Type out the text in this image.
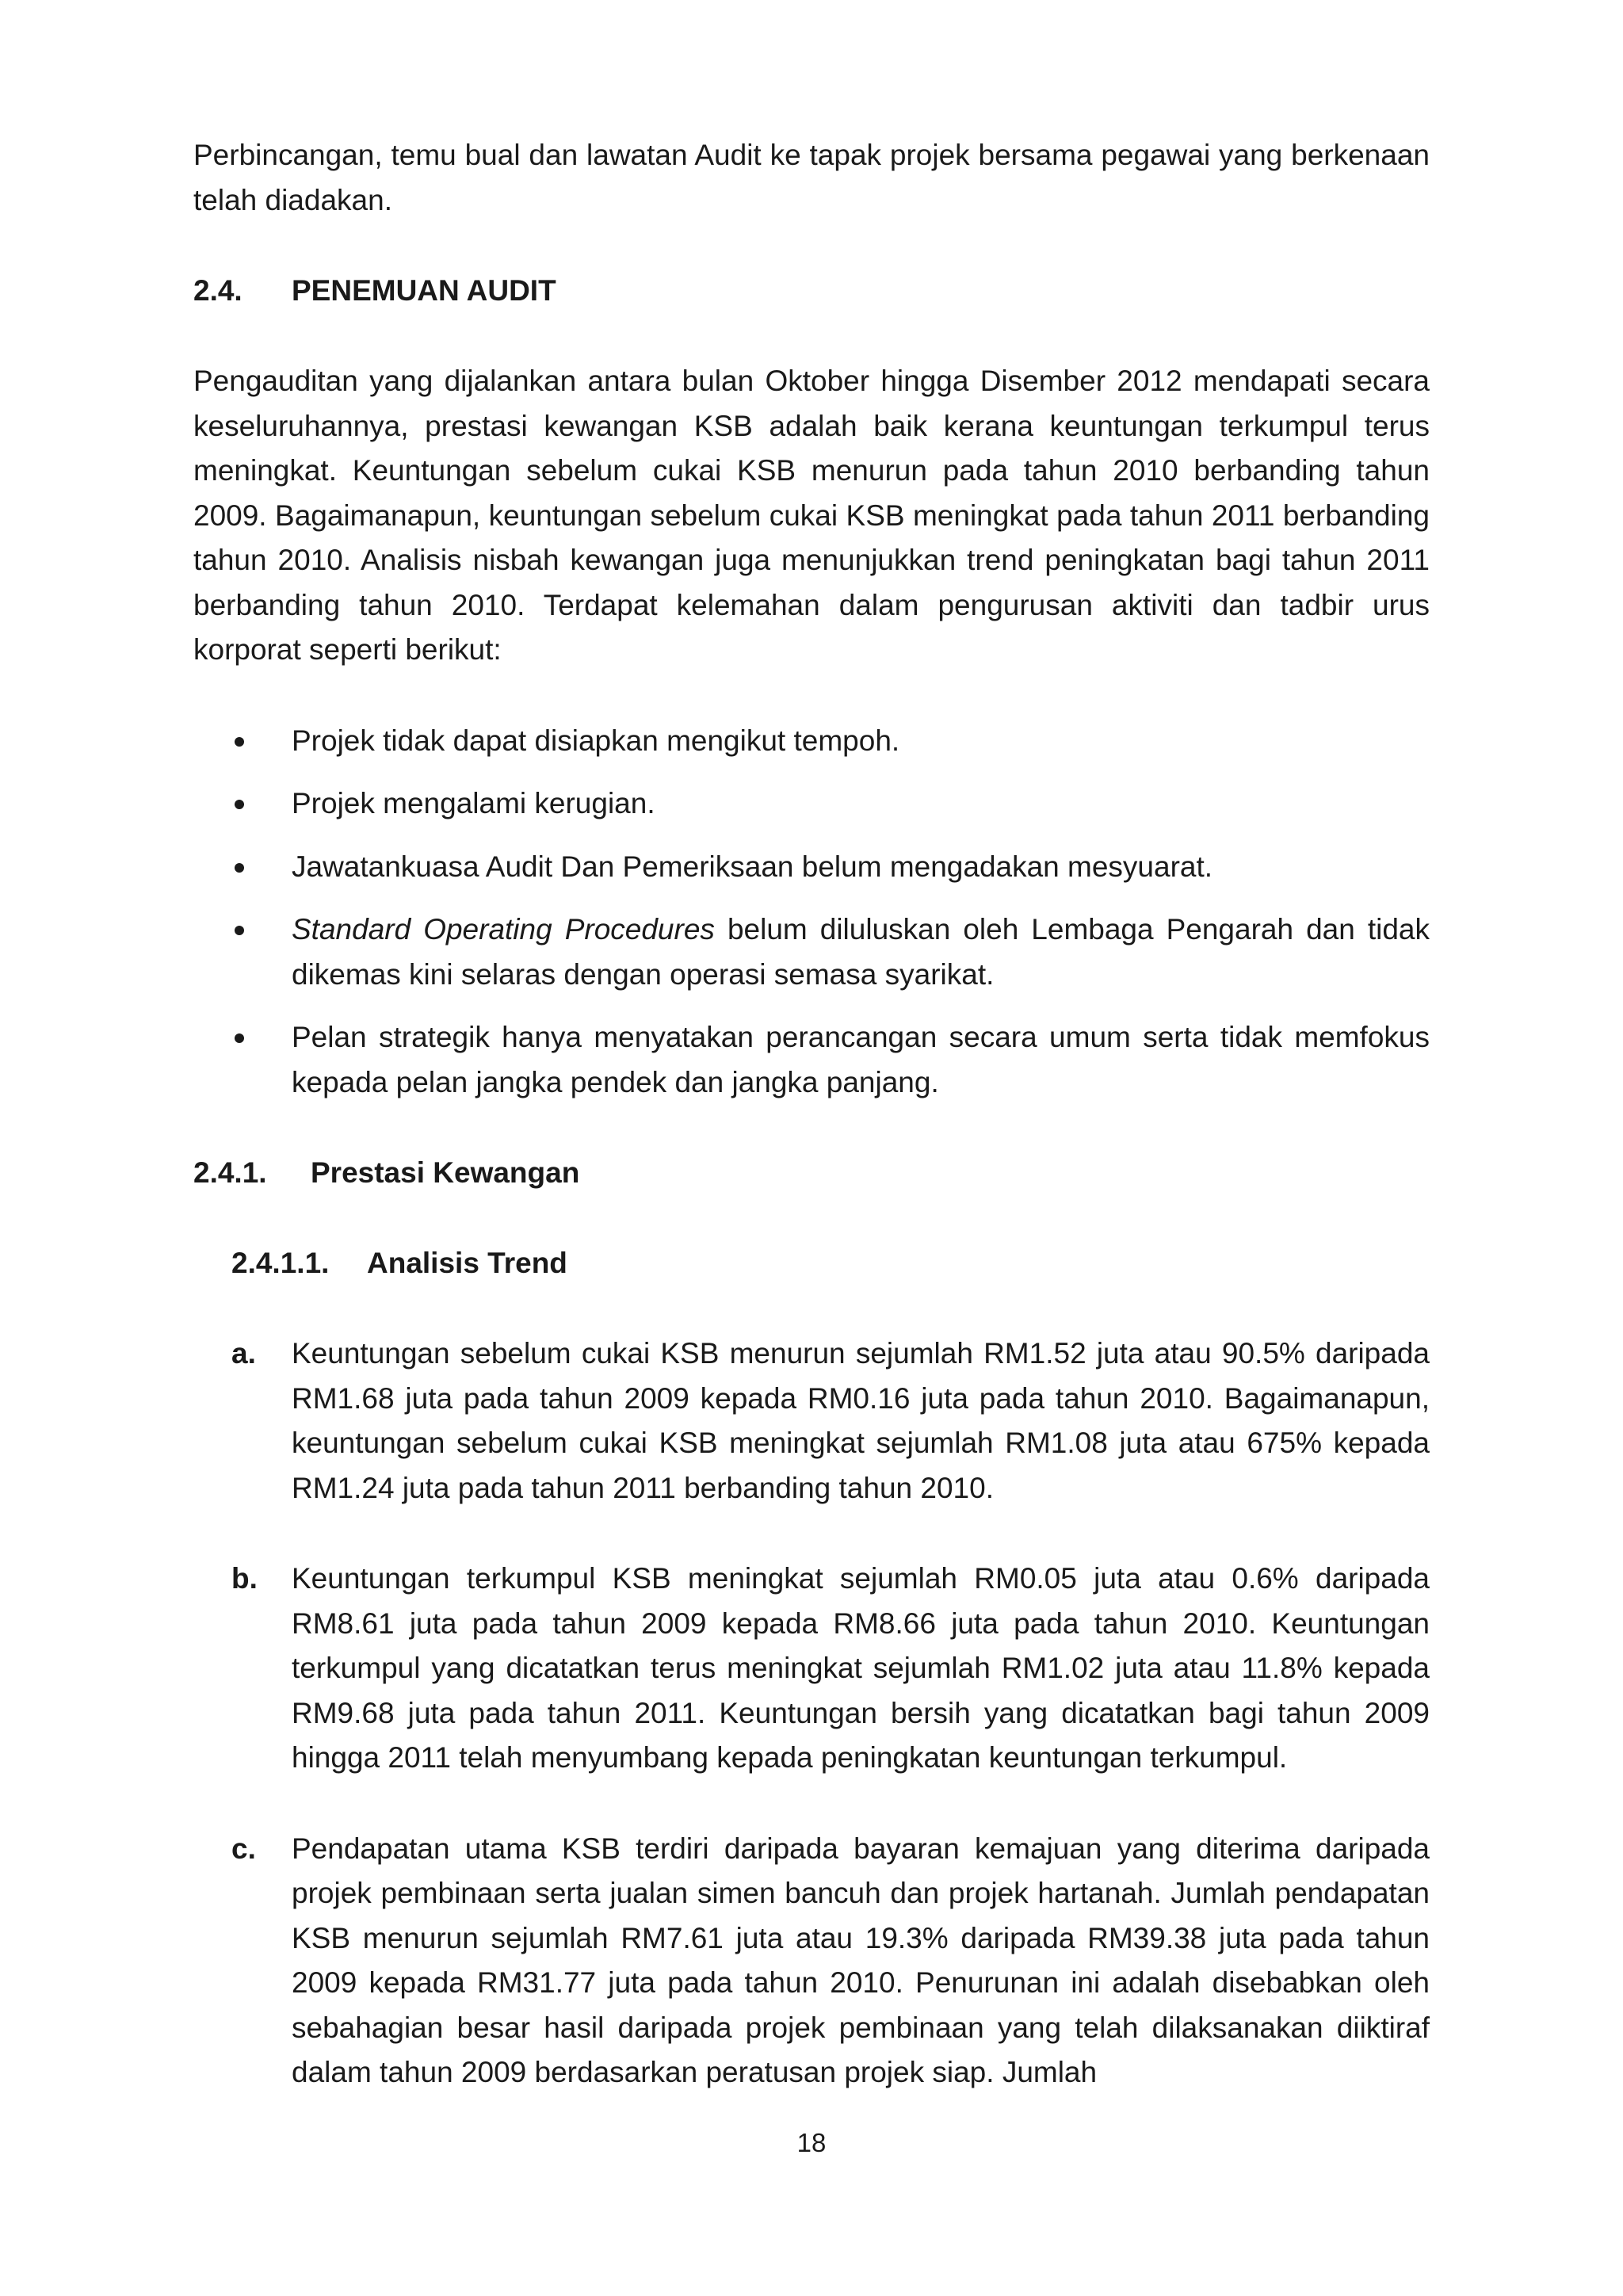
Perbincangan, temu bual dan lawatan Audit ke tapak projek bersama pegawai yang berkenaan telah diadakan.

2.4.	PENEMUAN AUDIT

Pengauditan yang dijalankan antara bulan Oktober hingga Disember 2012 mendapati secara keseluruhannya, prestasi kewangan KSB adalah baik kerana keuntungan terkumpul terus meningkat. Keuntungan sebelum cukai KSB menurun pada tahun 2010 berbanding tahun 2009. Bagaimanapun, keuntungan sebelum cukai KSB meningkat pada tahun 2011 berbanding tahun 2010. Analisis nisbah kewangan juga menunjukkan trend peningkatan bagi tahun 2011 berbanding tahun 2010. Terdapat kelemahan dalam pengurusan aktiviti dan tadbir urus korporat seperti berikut:

Projek tidak dapat disiapkan mengikut tempoh.
Projek mengalami kerugian.
Jawatankuasa Audit Dan Pemeriksaan belum mengadakan mesyuarat.
Standard Operating Procedures belum diluluskan oleh Lembaga Pengarah dan tidak dikemas kini selaras dengan operasi semasa syarikat.
Pelan strategik hanya menyatakan perancangan secara umum serta tidak memfokus kepada pelan jangka pendek dan jangka panjang.
2.4.1.	Prestasi Kewangan
2.4.1.1.	Analisis Trend
a.	Keuntungan sebelum cukai KSB menurun sejumlah RM1.52 juta atau 90.5% daripada RM1.68 juta pada tahun 2009 kepada RM0.16 juta pada tahun 2010. Bagaimanapun, keuntungan sebelum cukai KSB meningkat sejumlah RM1.08 juta atau 675% kepada RM1.24 juta pada tahun 2011 berbanding tahun 2010.
b.	Keuntungan terkumpul KSB meningkat sejumlah RM0.05 juta atau 0.6% daripada RM8.61 juta pada tahun 2009 kepada RM8.66 juta pada tahun 2010. Keuntungan terkumpul yang dicatatkan terus meningkat sejumlah RM1.02 juta atau 11.8% kepada RM9.68 juta pada tahun 2011. Keuntungan bersih yang dicatatkan bagi tahun 2009 hingga 2011 telah menyumbang kepada peningkatan keuntungan terkumpul.
c.	Pendapatan utama KSB terdiri daripada bayaran kemajuan yang diterima daripada projek pembinaan serta jualan simen bancuh dan projek hartanah. Jumlah pendapatan KSB menurun sejumlah RM7.61 juta atau 19.3% daripada RM39.38 juta pada tahun 2009 kepada RM31.77 juta pada tahun 2010. Penurunan ini adalah disebabkan oleh sebahagian besar hasil daripada projek pembinaan yang telah dilaksanakan diiktiraf dalam tahun 2009 berdasarkan peratusan projek siap. Jumlah
18
